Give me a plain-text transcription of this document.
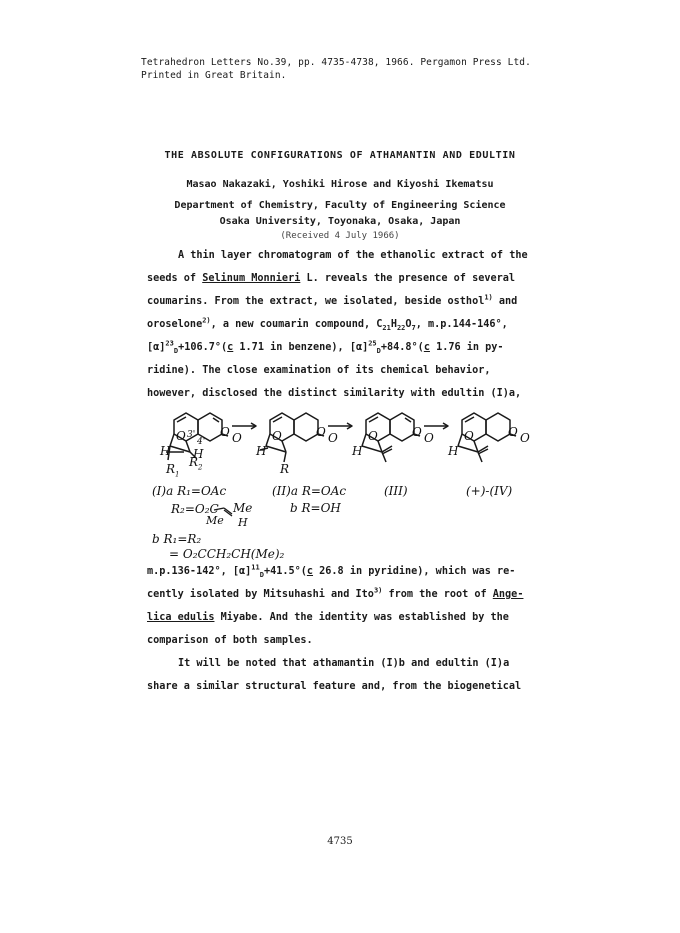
Tetrahedron Letters No.39, pp. 4735-4738, 1966. Pergamon Press Ltd.
Printed in Great Britain.
THE ABSOLUTE CONFIGURATIONS OF ATHAMANTIN AND EDULTIN
Masao Nakazaki, Yoshiki Hirose and Kiyoshi Ikematsu
Department of Chemistry, Faculty of Engineering Science
Osaka University, Toyonaka, Osaka, Japan
(Received 4 July 1966)
A thin layer chromatogram of the ethanolic extract of the
seeds of Selinum Monnieri L. reveals the presence of several
coumarins. From the extract, we isolated, beside osthol$^{1)}$ and
oroselone$^{2)}$, a new coumarin compound, $C_{21}H_{22}O_7$, m.p.144-146°,
$[\alpha]^{23}_D+106.7^\circ(c$ 1.71 in benzene), $[\alpha]^{25}_D+84.8^\circ(c$ 1.76 in py-
ridine). The close examination of its chemical behavior,
however, disclosed the distinct similarity with edultin (I)a,
O	O O
3'
4'
H H
$R_1$
$R_2$
O	O O
H
R
O	O O
H
O	O O
H
(I)a R₁=OAc
R₂=O₂C Me
Me H
b R₁=R₂
= O₂CCH₂CH(Me)₂
(II)a R=OAc
b R=OH
(III)	(+)-(IV)
m.p.136-142°, $[\alpha]^{11}_D+41.5^\circ(c$ 26.8 in pyridine), which was re-
cently isolated by Mitsuhashi and Ito$^{3)}$ from the root of Ange-
lica edulis Miyabe. And the identity was established by the
comparison of both samples.
It will be noted that athamantin (I)b and edultin (I)a
share a similar structural feature and, from the biogenetical
4735
